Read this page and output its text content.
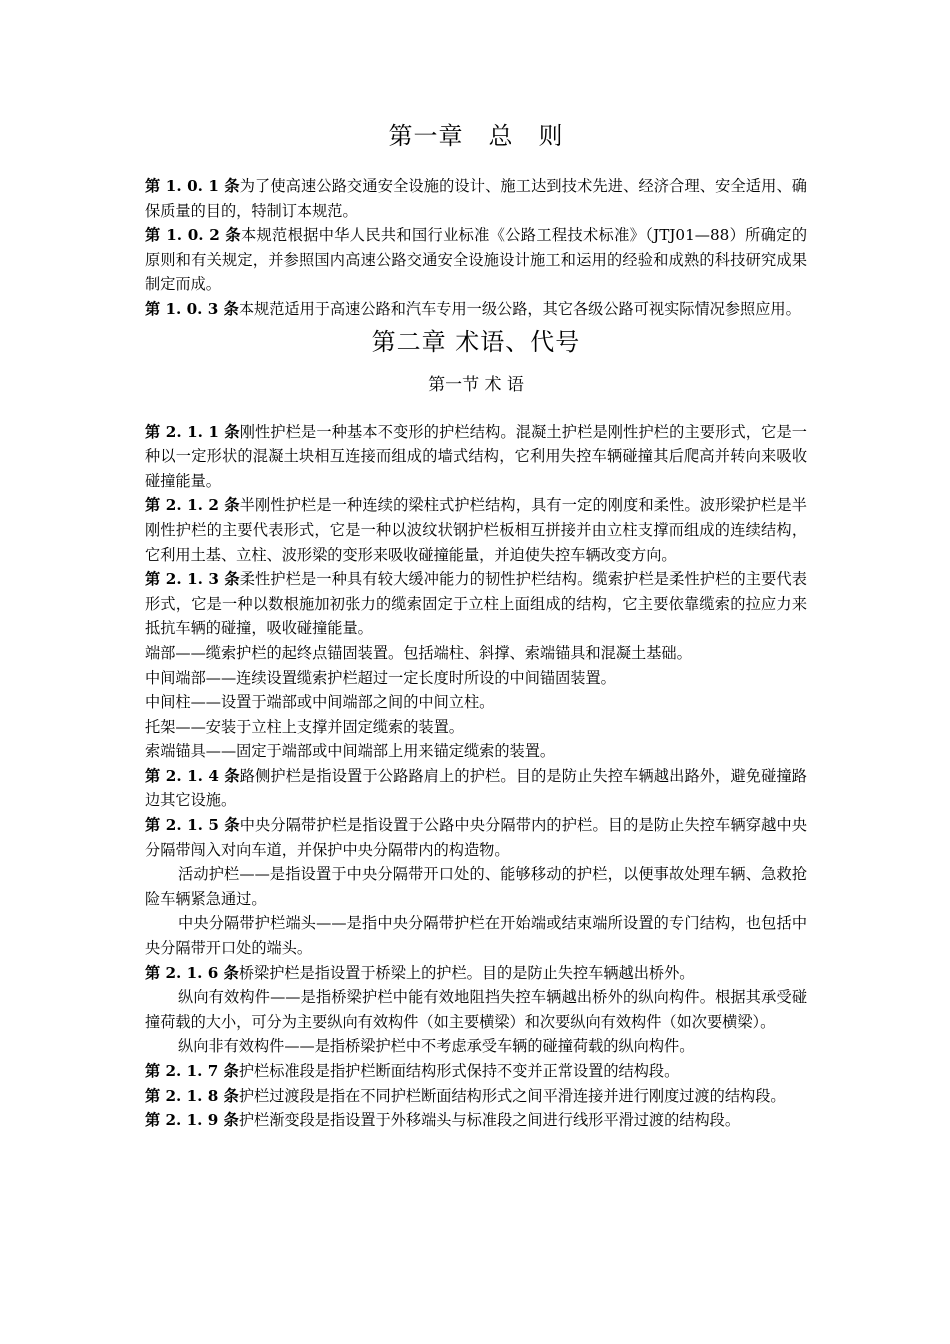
第一章　总　则

第 1. 0. 1 条为了使高速公路交通安全设施的设计、施工达到技术先进、经济合理、安全适用、确保质量的目的，特制订本规范。

第 1. 0. 2 条本规范根据中华人民共和国行业标准《公路工程技术标准》（JTJ01—88）所确定的原则和有关规定，并参照国内高速公路交通安全设施设计施工和运用的经验和成熟的科技研究成果制定而成。

第 1. 0. 3 条本规范适用于高速公路和汽车专用一级公路，其它各级公路可视实际情况参照应用。

第二章 术语、代号
第一节 术 语

第 2. 1. 1 条刚性护栏是一种基本不变形的护栏结构。混凝土护栏是刚性护栏的主要形式，它是一种以一定形状的混凝土块相互连接而组成的墙式结构，它利用失控车辆碰撞其后爬高并转向来吸收碰撞能量。

第 2. 1. 2 条半刚性护栏是一种连续的梁柱式护栏结构，具有一定的刚度和柔性。波形梁护栏是半刚性护栏的主要代表形式，它是一种以波纹状钢护栏板相互拼接并由立柱支撑而组成的连续结构，它利用土基、立柱、波形梁的变形来吸收碰撞能量，并迫使失控车辆改变方向。

第 2. 1. 3 条柔性护栏是一种具有较大缓冲能力的韧性护栏结构。缆索护栏是柔性护栏的主要代表形式，它是一种以数根施加初张力的缆索固定于立柱上面组成的结构，它主要依靠缆索的拉应力来抵抗车辆的碰撞，吸收碰撞能量。

端部——缆索护栏的起终点锚固装置。包括端柱、斜撑、索端锚具和混凝土基础。

中间端部——连续设置缆索护栏超过一定长度时所设的中间锚固装置。

中间柱——设置于端部或中间端部之间的中间立柱。

托架——安装于立柱上支撑并固定缆索的装置。

索端锚具——固定于端部或中间端部上用来锚定缆索的装置。

第 2. 1. 4 条路侧护栏是指设置于公路路肩上的护栏。目的是防止失控车辆越出路外，避免碰撞路边其它设施。

第 2. 1. 5 条中央分隔带护栏是指设置于公路中央分隔带内的护栏。目的是防止失控车辆穿越中央分隔带闯入对向车道，并保护中央分隔带内的构造物。

活动护栏——是指设置于中央分隔带开口处的、能够移动的护栏，以便事故处理车辆、急救抢险车辆紧急通过。

中央分隔带护栏端头——是指中央分隔带护栏在开始端或结束端所设置的专门结构，也包括中央分隔带开口处的端头。

第 2. 1. 6 条桥梁护栏是指设置于桥梁上的护栏。目的是防止失控车辆越出桥外。

纵向有效构件——是指桥梁护栏中能有效地阻挡失控车辆越出桥外的纵向构件。根据其承受碰撞荷载的大小，可分为主要纵向有效构件（如主要横梁）和次要纵向有效构件（如次要横梁）。

纵向非有效构件——是指桥梁护栏中不考虑承受车辆的碰撞荷载的纵向构件。

第 2. 1. 7 条护栏标准段是指护栏断面结构形式保持不变并正常设置的结构段。

第 2. 1. 8 条护栏过渡段是指在不同护栏断面结构形式之间平滑连接并进行刚度过渡的结构段。

第 2. 1. 9 条护栏渐变段是指设置于外移端头与标准段之间进行线形平滑过渡的结构段。
